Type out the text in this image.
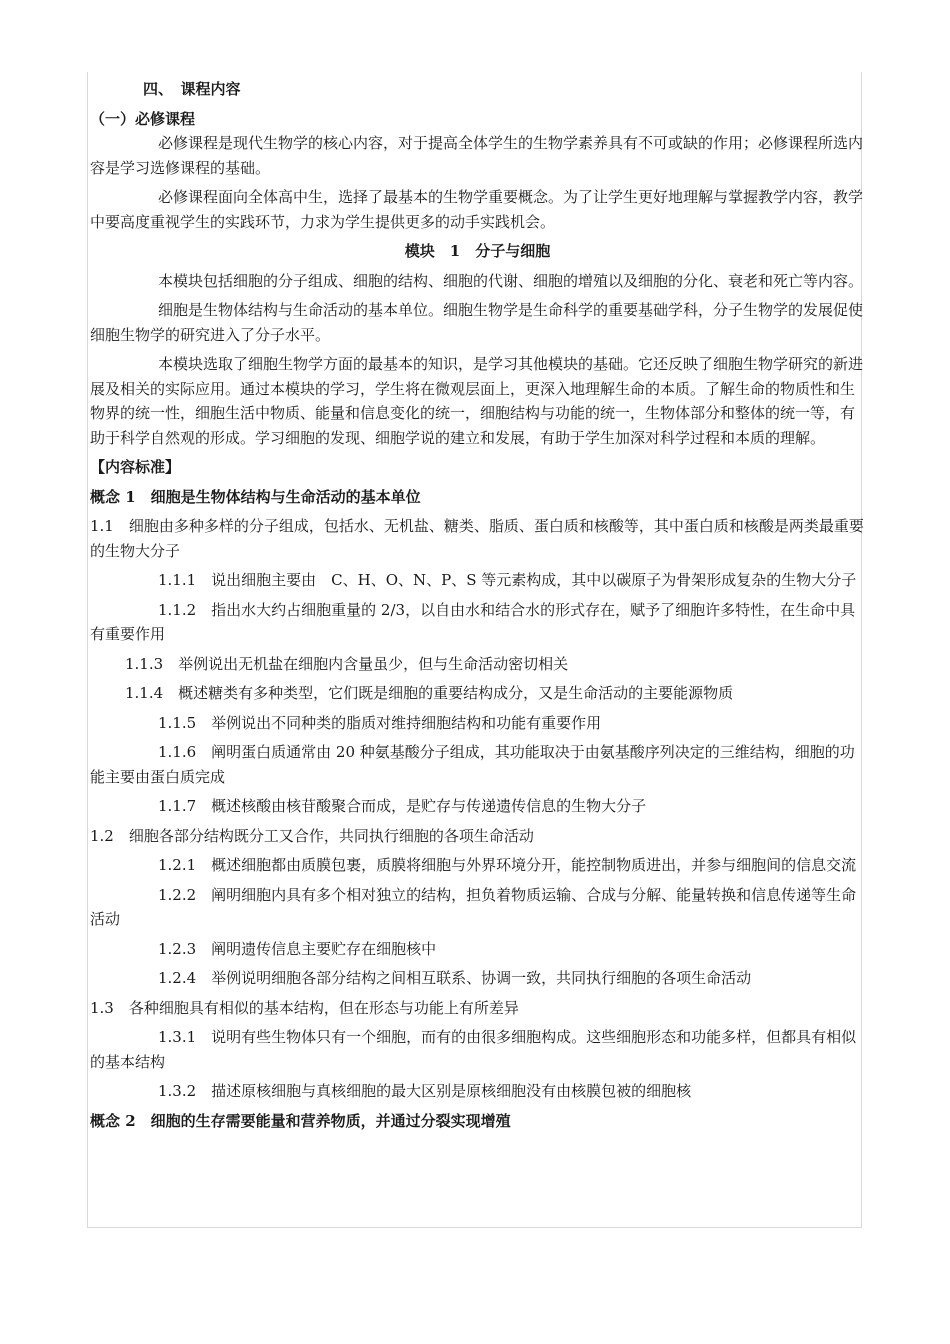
四、　课程内容

（一）必修课程

必修课程是现代生物学的核心内容，对于提高全体学生的生物学素养具有不可或缺的作用；必修课程所选内容是学习选修课程的基础。

必修课程面向全体高中生，选择了最基本的生物学重要概念。为了让学生更好地理解与掌握教学内容，教学中要高度重视学生的实践环节，力求为学生提供更多的动手实践机会。

模块　1　分子与细胞

本模块包括细胞的分子组成、细胞的结构、细胞的代谢、细胞的增殖以及细胞的分化、衰老和死亡等内容。

细胞是生物体结构与生命活动的基本单位。细胞生物学是生命科学的重要基础学科，分子生物学的发展促使细胞生物学的研究进入了分子水平。

本模块选取了细胞生物学方面的最基本的知识，是学习其他模块的基础。它还反映了细胞生物学研究的新进展及相关的实际应用。通过本模块的学习，学生将在微观层面上，更深入地理解生命的本质。了解生命的物质性和生物界的统一性，细胞生活中物质、能量和信息变化的统一，细胞结构与功能的统一，生物体部分和整体的统一等，有助于科学自然观的形成。学习细胞的发现、细胞学说的建立和发展，有助于学生加深对科学过程和本质的理解。

【内容标准】

概念 1　细胞是生物体结构与生命活动的基本单位

1.1　细胞由多种多样的分子组成，包括水、无机盐、糖类、脂质、蛋白质和核酸等，其中蛋白质和核酸是两类最重要的生物大分子

1.1.1　说出细胞主要由　C、H、O、N、P、S 等元素构成，其中以碳原子为骨架形成复杂的生物大分子

1.1.2　指出水大约占细胞重量的 2/3，以自由水和结合水的形式存在，赋予了细胞许多特性，在生命中具有重要作用

1.1.3　举例说出无机盐在细胞内含量虽少，但与生命活动密切相关

1.1.4　概述糖类有多种类型，它们既是细胞的重要结构成分，又是生命活动的主要能源物质

1.1.5　举例说出不同种类的脂质对维持细胞结构和功能有重要作用

1.1.6　阐明蛋白质通常由 20 种氨基酸分子组成，其功能取决于由氨基酸序列决定的三维结构，细胞的功能主要由蛋白质完成

1.1.7　概述核酸由核苷酸聚合而成，是贮存与传递遗传信息的生物大分子

1.2　细胞各部分结构既分工又合作，共同执行细胞的各项生命活动

1.2.1　概述细胞都由质膜包裹，质膜将细胞与外界环境分开，能控制物质进出，并参与细胞间的信息交流

1.2.2　阐明细胞内具有多个相对独立的结构，担负着物质运输、合成与分解、能量转换和信息传递等生命活动

1.2.3　阐明遗传信息主要贮存在细胞核中

1.2.4　举例说明细胞各部分结构之间相互联系、协调一致，共同执行细胞的各项生命活动

1.3　各种细胞具有相似的基本结构，但在形态与功能上有所差异

1.3.1　说明有些生物体只有一个细胞，而有的由很多细胞构成。这些细胞形态和功能多样，但都具有相似的基本结构

1.3.2　描述原核细胞与真核细胞的最大区别是原核细胞没有由核膜包被的细胞核

概念 2　细胞的生存需要能量和营养物质，并通过分裂实现增殖
